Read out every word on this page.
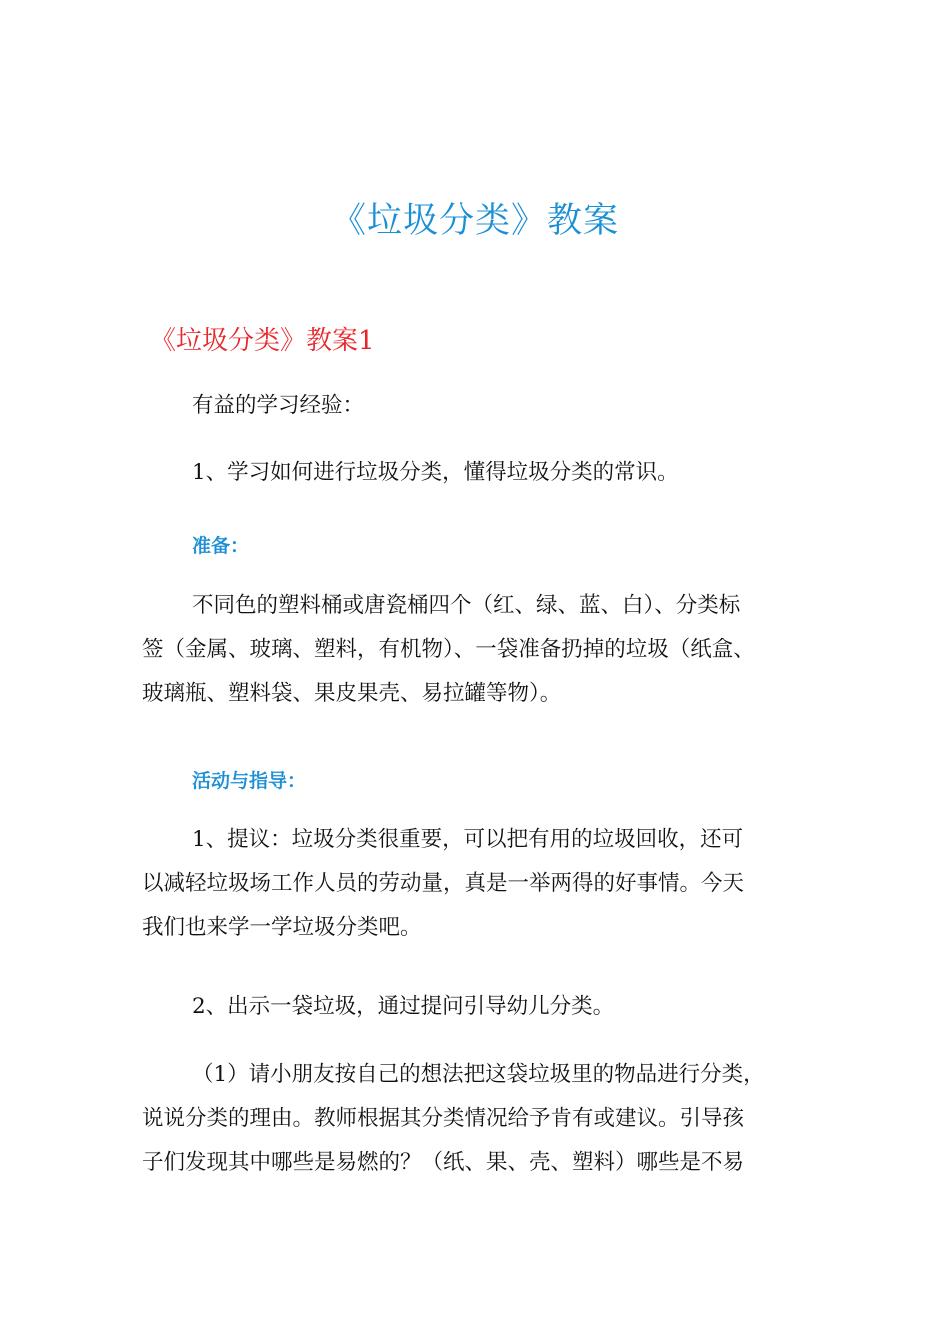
《垃圾分类》教案
《垃圾分类》教案1

有益的学习经验：

1、学习如何进行垃圾分类，懂得垃圾分类的常识。

准备：

不同色的塑料桶或唐瓷桶四个（红、绿、蓝、白）、分类标
签（金属、玻璃、塑料，有机物）、一袋准备扔掉的垃圾（纸盒、
玻璃瓶、塑料袋、果皮果壳、易拉罐等物）。

活动与指导：

1、提议：垃圾分类很重要，可以把有用的垃圾回收，还可
以减轻垃圾场工作人员的劳动量，真是一举两得的好事情。今天
我们也来学一学垃圾分类吧。

2、出示一袋垃圾，通过提问引导幼儿分类。

（1）请小朋友按自己的想法把这袋垃圾里的物品进行分类，
说说分类的理由。教师根据其分类情况给予肯有或建议。引导孩
子们发现其中哪些是易燃的？（纸、果、壳、塑料）哪些是不易
